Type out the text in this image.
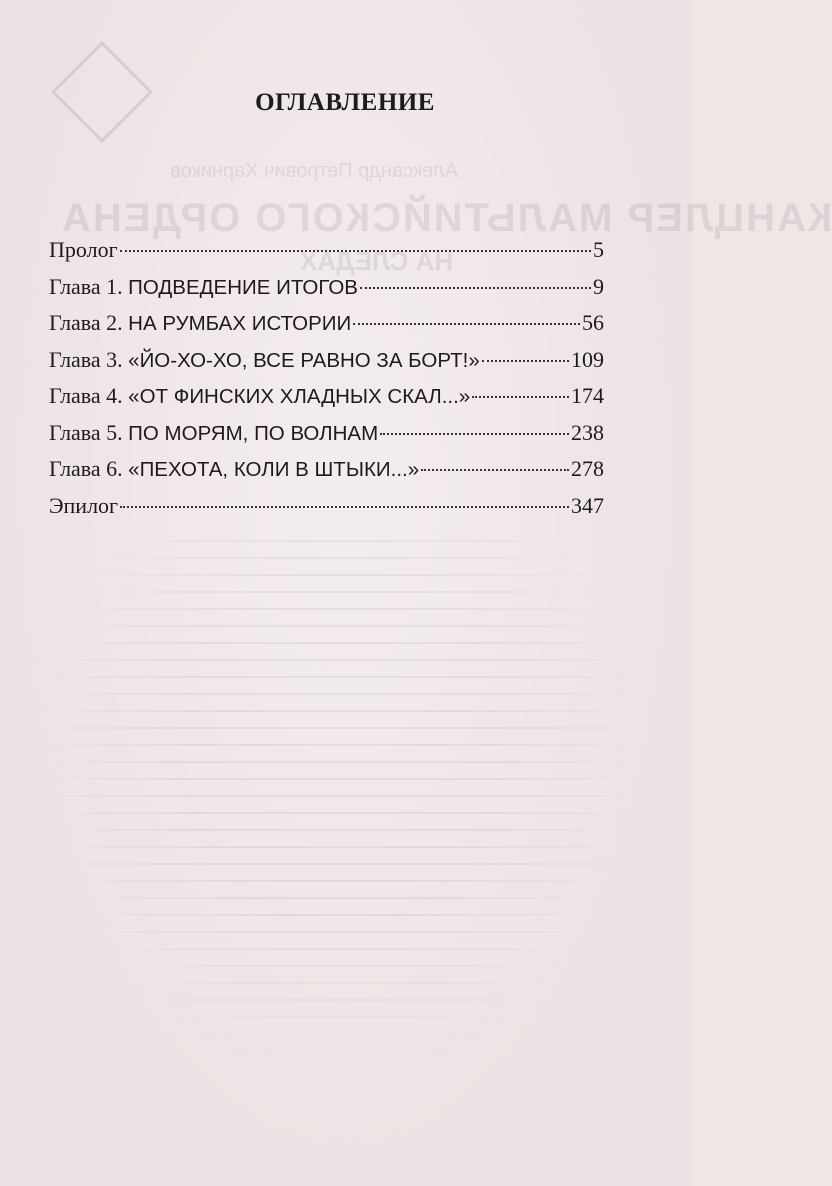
Александр Петрович Харников
КАНЦЛЕР МАЛЬТИЙСКОГО ОРДЕНА
НА СЛЕДАХ
ОГЛАВЛЕНИЕ
Пролог	5
Глава 1. ПОДВЕДЕНИЕ ИТОГОВ	9
Глава 2. НА РУМБАХ ИСТОРИИ	56
Глава 3. «ЙО-ХО-ХО, ВСЕ РАВНО ЗА БОРТ!»	109
Глава 4. «ОТ ФИНСКИХ ХЛАДНЫХ СКАЛ...»	174
Глава 5. ПО МОРЯМ, ПО ВОЛНАМ	238
Глава 6. «ПЕХОТА, КОЛИ В ШТЫКИ...»	278
Эпилог	347
